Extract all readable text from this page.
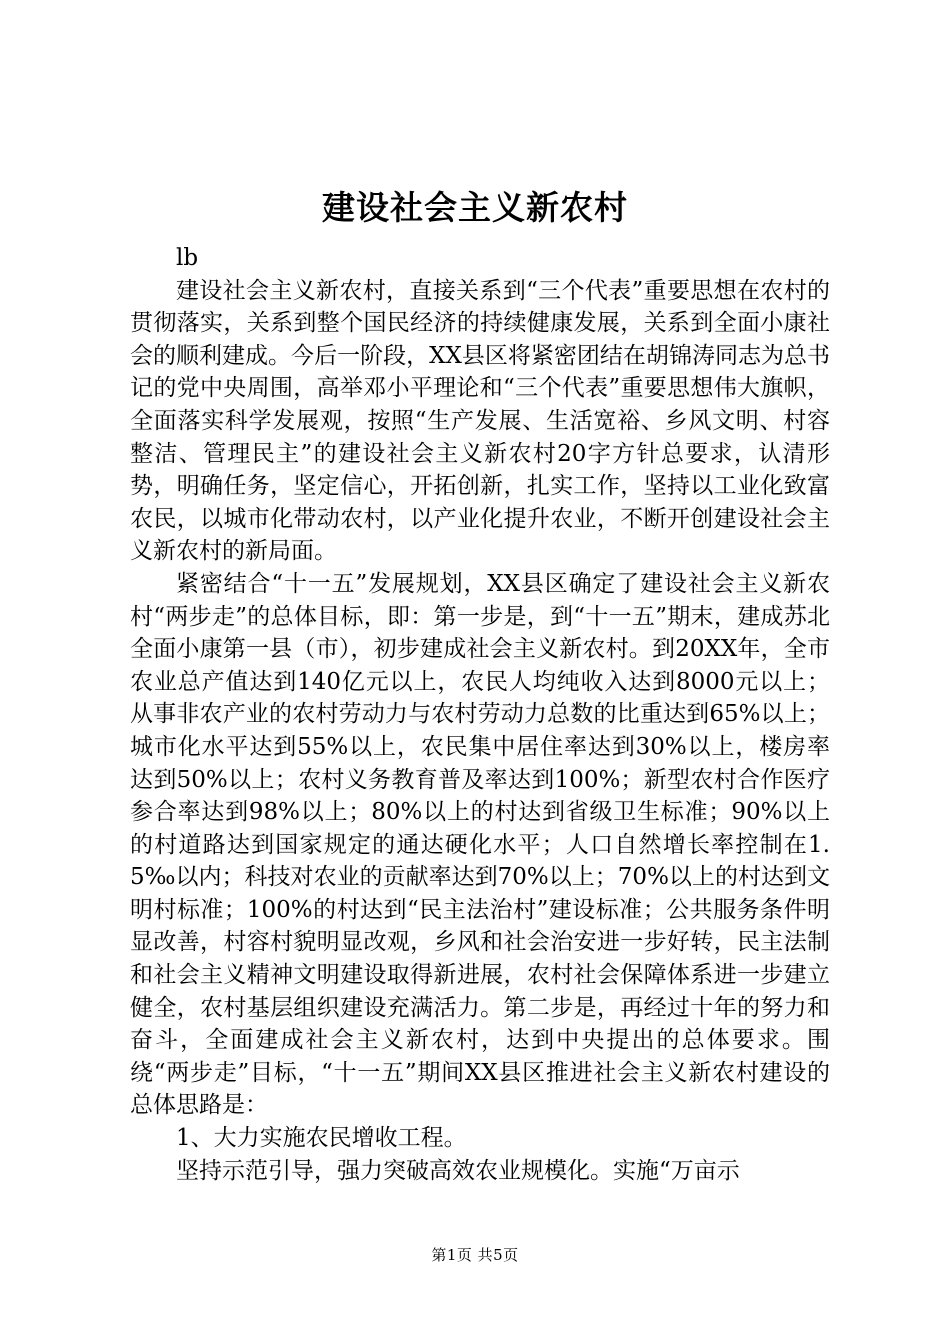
建设社会主义新农村

lb

建设社会主义新农村，直接关系到“三个代表”重要思想在农村的贯彻落实，关系到整个国民经济的持续健康发展，关系到全面小康社会的顺利建成。今后一阶段，XX县区将紧密团结在胡锦涛同志为总书记的党中央周围，高举邓小平理论和“三个代表”重要思想伟大旗帜，全面落实科学发展观，按照“生产发展、生活宽裕、乡风文明、村容整洁、管理民主”的建设社会主义新农村20字方针总要求，认清形势，明确任务，坚定信心，开拓创新，扎实工作，坚持以工业化致富农民，以城市化带动农村，以产业化提升农业，不断开创建设社会主义新农村的新局面。

紧密结合“十一五”发展规划，XX县区确定了建设社会主义新农村“两步走”的总体目标，即：第一步是，到“十一五”期末，建成苏北全面小康第一县（市），初步建成社会主义新农村。到20XX年，全市农业总产值达到140亿元以上，农民人均纯收入达到8000元以上；从事非农产业的农村劳动力与农村劳动力总数的比重达到65%以上；城市化水平达到55%以上，农民集中居住率达到30%以上，楼房率达到50%以上；农村义务教育普及率达到100%；新型农村合作医疗参合率达到98%以上；80%以上的村达到省级卫生标准；90%以上的村道路达到国家规定的通达硬化水平；人口自然增长率控制在1.5‰以内；科技对农业的贡献率达到70%以上；70%以上的村达到文明村标准；100%的村达到“民主法治村”建设标准；公共服务条件明显改善，村容村貌明显改观，乡风和社会治安进一步好转，民主法制和社会主义精神文明建设取得新进展，农村社会保障体系进一步建立健全，农村基层组织建设充满活力。第二步是，再经过十年的努力和奋斗，全面建成社会主义新农村，达到中央提出的总体要求。围绕“两步走”目标，“十一五”期间XX县区推进社会主义新农村建设的总体思路是：

1、大力实施农民增收工程。

坚持示范引导，强力突破高效农业规模化。实施“万亩示

第1页 共5页
